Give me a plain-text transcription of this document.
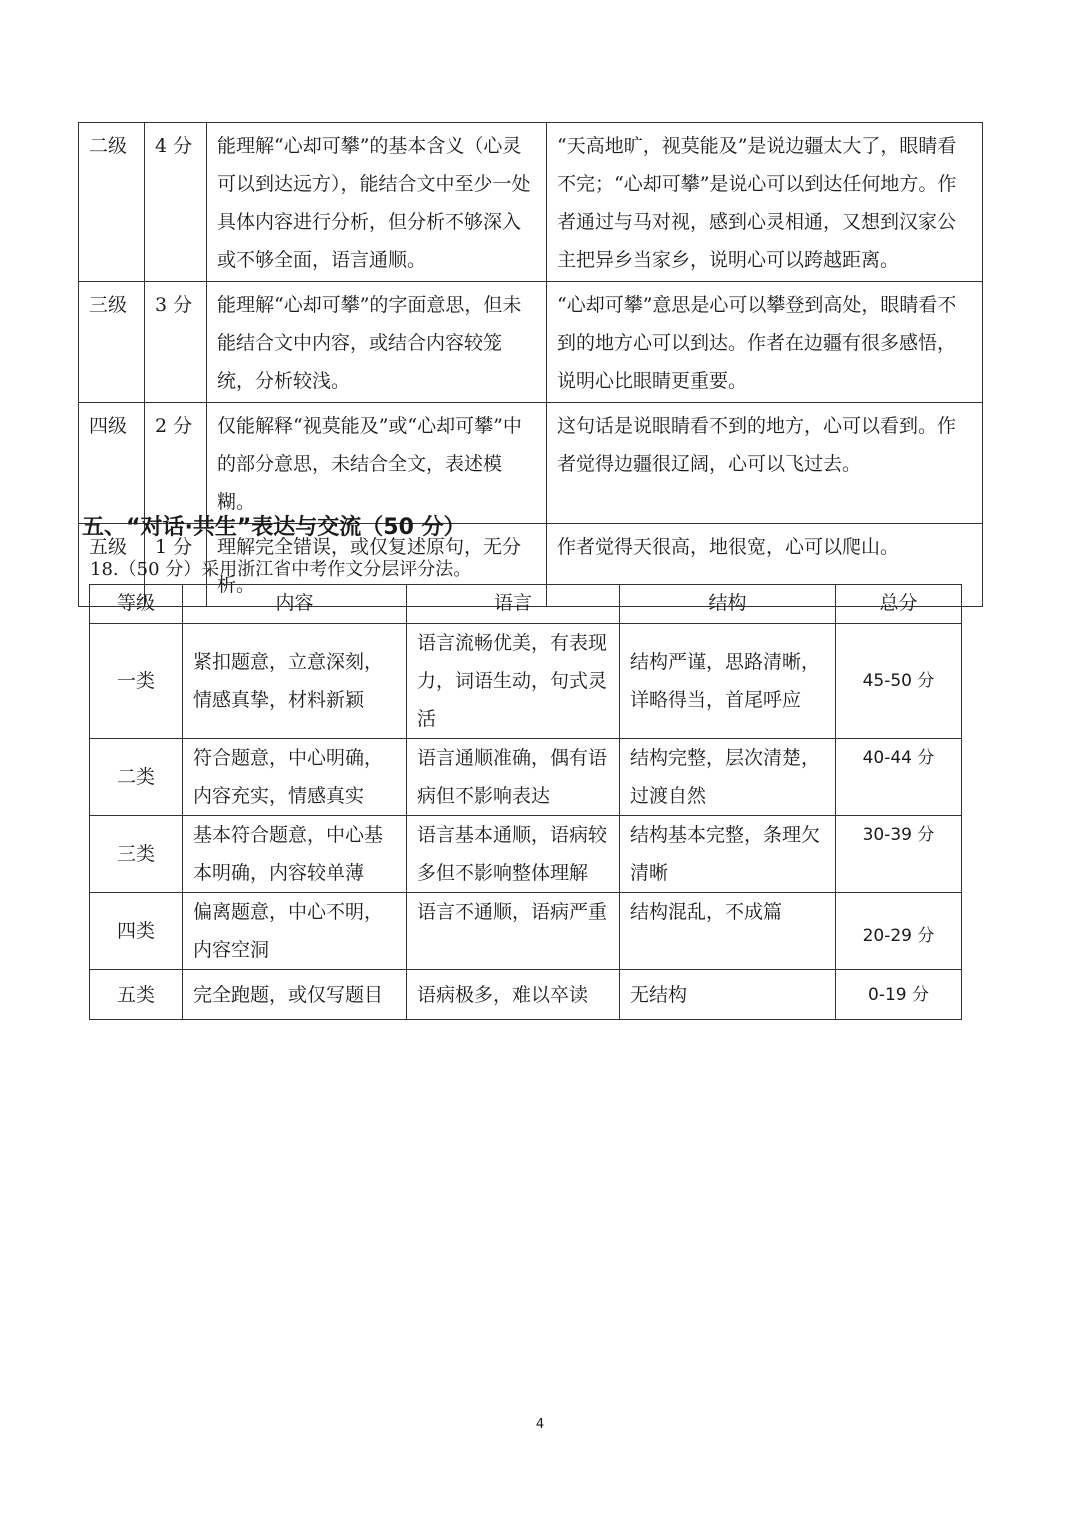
二级	4 分	能理解“心却可攀”的基本含义（心灵可以到达远方），能结合文中至少一处具体内容进行分析，但分析不够深入或不够全面，语言通顺。	“天高地旷，视莫能及”是说边疆太大了，眼睛看不完；“心却可攀”是说心可以到达任何地方。作者通过与马对视，感到心灵相通，又想到汉家公主把异乡当家乡，说明心可以跨越距离。
三级	3 分	能理解“心却可攀”的字面意思，但未能结合文中内容，或结合内容较笼统，分析较浅。	“心却可攀”意思是心可以攀登到高处，眼睛看不到的地方心可以到达。作者在边疆有很多感悟，说明心比眼睛更重要。
四级	2 分	仅能解释“视莫能及”或“心却可攀”中的部分意思，未结合全文，表述模糊。	这句话是说眼睛看不到的地方，心可以看到。作者觉得边疆很辽阔，心可以飞过去。
五级	1 分	理解完全错误，或仅复述原句，无分析。	作者觉得天很高，地很宽，心可以爬山。
五、“对话·共生”表达与交流（50 分）

18.（50 分）采用浙江省中考作文分层评分法。

等级	内容	语言	结构	总分
一类	紧扣题意，立意深刻，情感真挚，材料新颖	语言流畅优美，有表现力，词语生动，句式灵活	结构严谨，思路清晰，详略得当，首尾呼应	45-50 分
二类	符合题意，中心明确，内容充实，情感真实	语言通顺准确，偶有语病但不影响表达	结构完整，层次清楚，过渡自然	40-44 分
三类	基本符合题意，中心基本明确，内容较单薄	语言基本通顺，语病较多但不影响整体理解	结构基本完整，条理欠清晰	30-39 分
四类	偏离题意，中心不明，内容空洞	语言不通顺，语病严重	结构混乱，不成篇	20-29 分
五类	完全跑题，或仅写题目	语病极多，难以卒读	无结构	0-19 分
4
